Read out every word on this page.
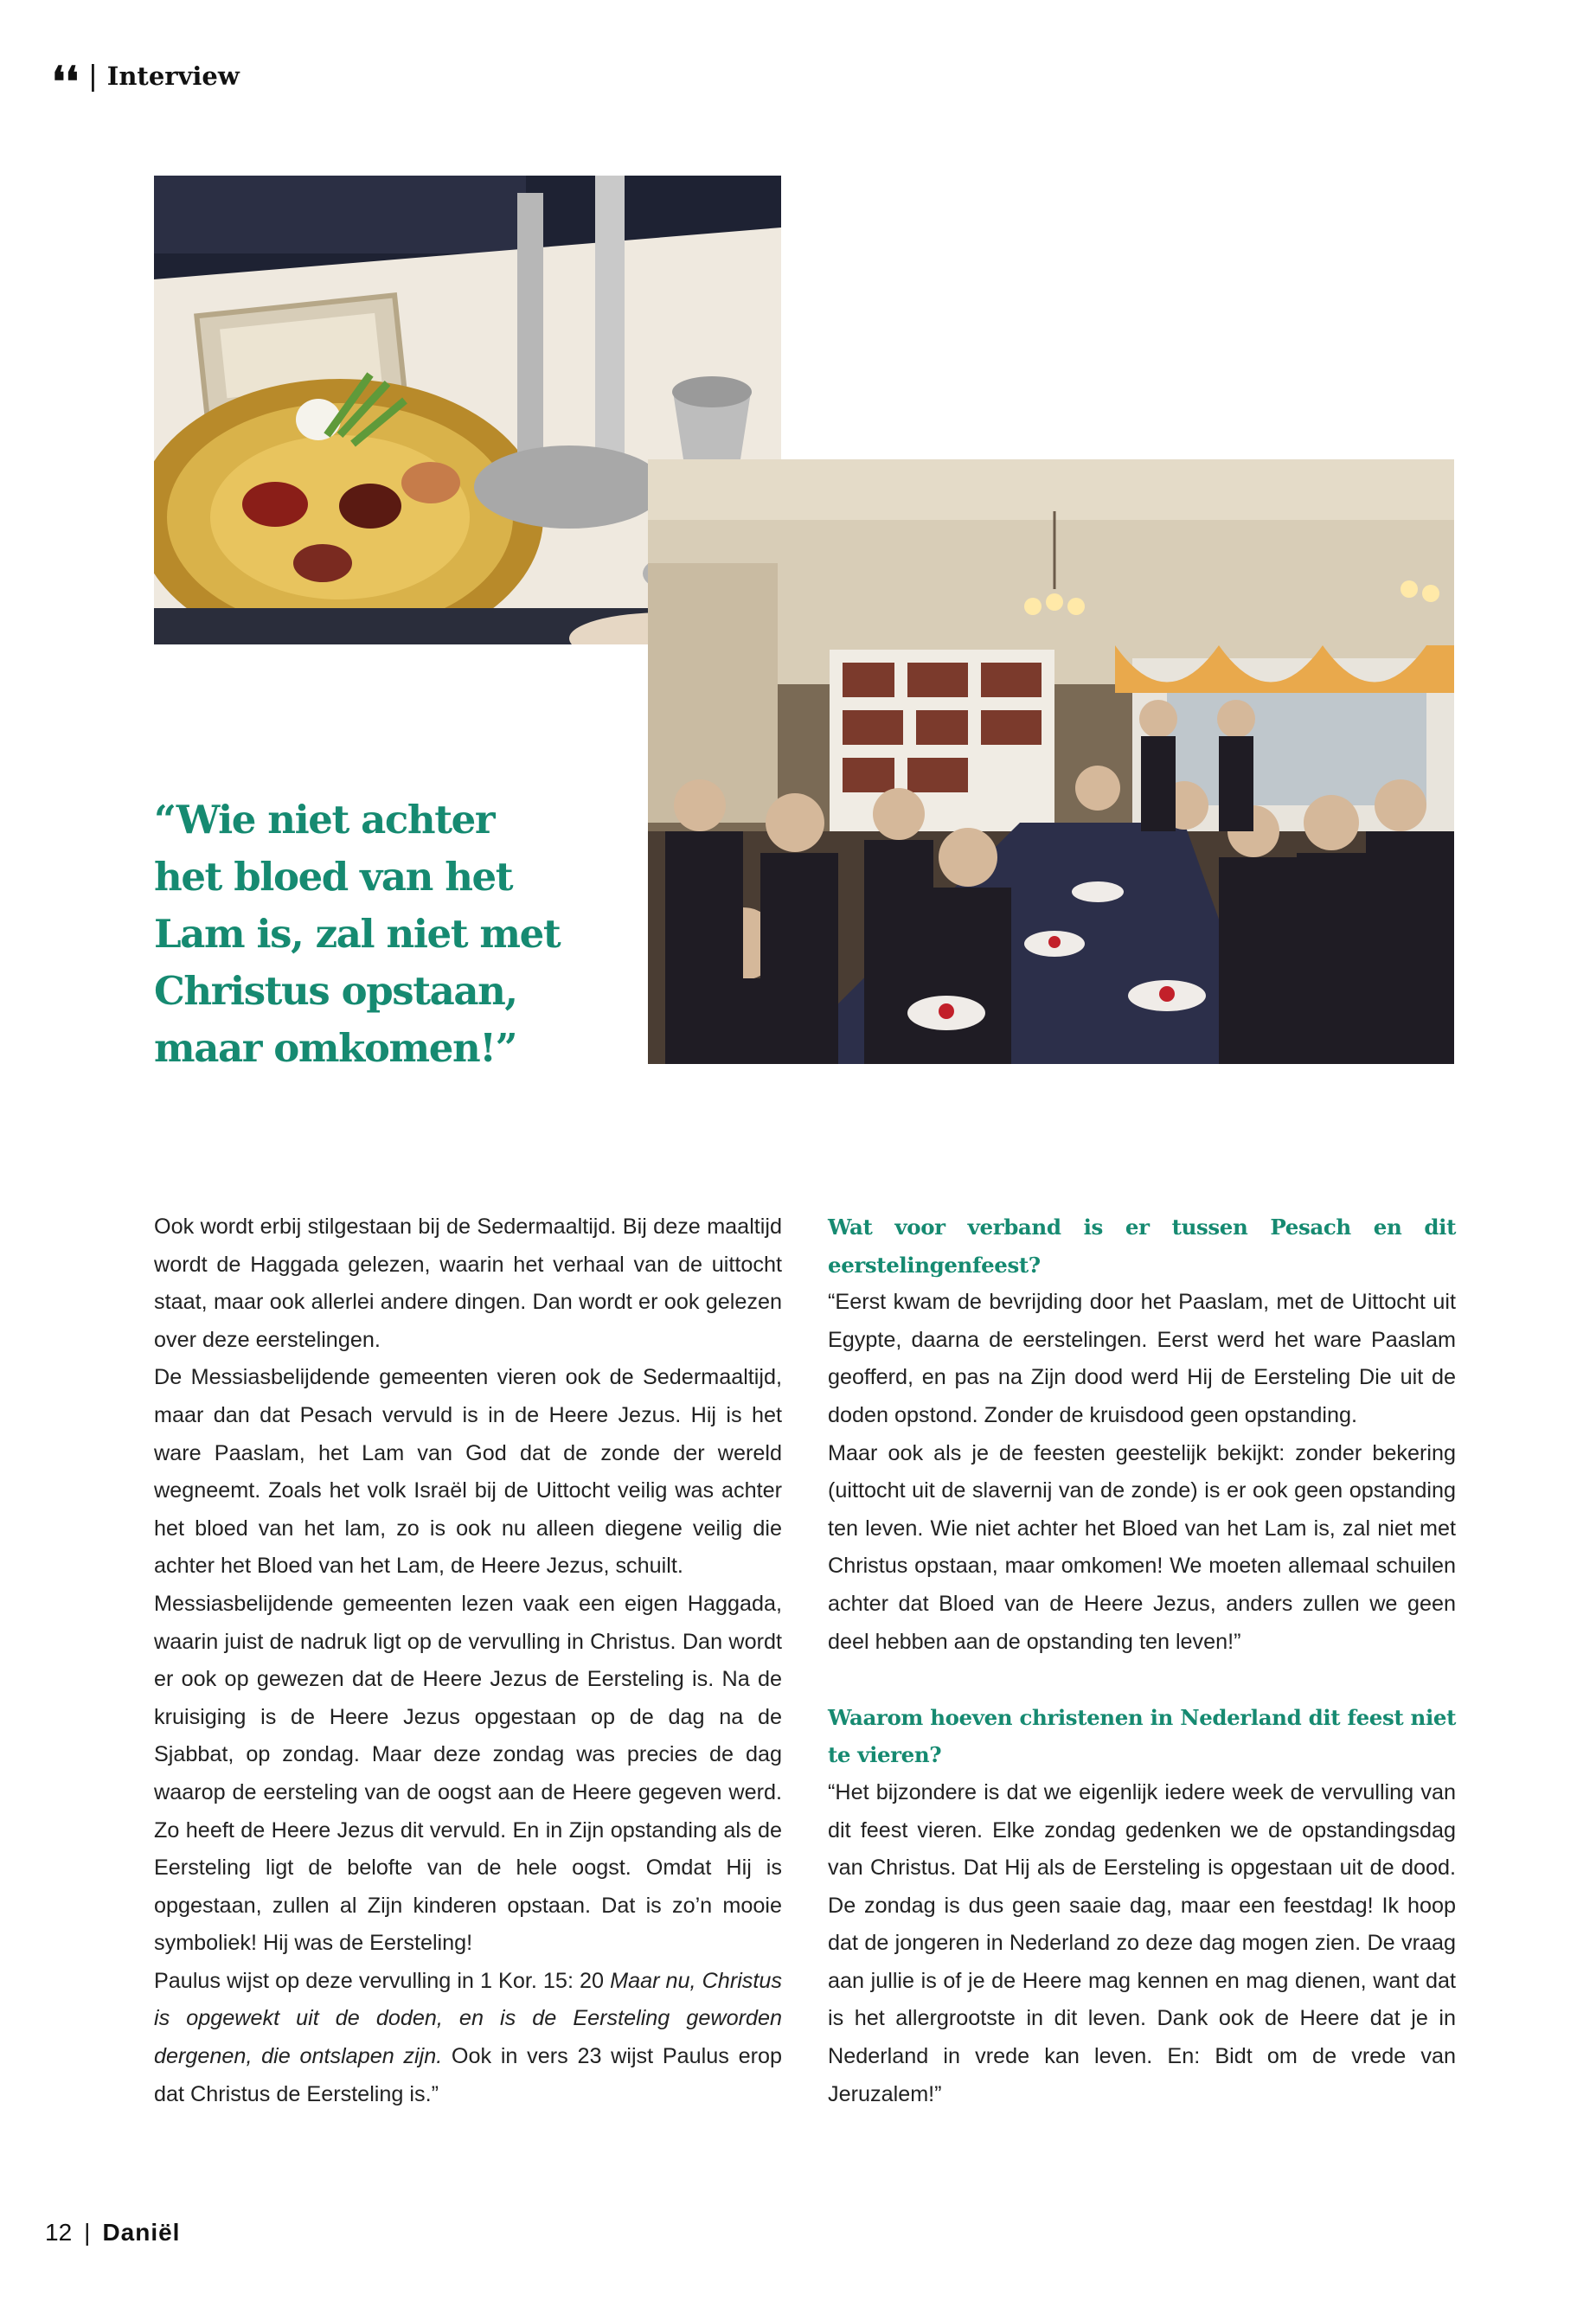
❛❛ | Interview
“Wie niet achter
het bloed van het
Lam is, zal niet met
Christus opstaan,
maar omkomen!”

Ook wordt erbij stilgestaan bij de Sedermaaltijd. Bij deze maaltijd wordt de Haggada gelezen, waarin het verhaal van de uittocht staat, maar ook allerlei andere dingen. Dan wordt er ook gelezen over deze eerstelingen.

De Messiasbelijdende gemeenten vieren ook de Sedermaaltijd, maar dan dat Pesach vervuld is in de Heere Jezus. Hij is het ware Paaslam, het Lam van God dat de zonde der wereld wegneemt. Zoals het volk Israël bij de Uittocht veilig was achter het bloed van het lam, zo is ook nu alleen diegene veilig die achter het Bloed van het Lam, de Heere Jezus, schuilt.

Messiasbelijdende gemeenten lezen vaak een eigen Haggada, waarin juist de nadruk ligt op de vervulling in Christus. Dan wordt er ook op gewezen dat de Heere Jezus de Eersteling is. Na de kruisiging is de Heere Jezus opgestaan op de dag na de Sjabbat, op zondag. Maar deze zondag was precies de dag waarop de eersteling van de oogst aan de Heere gegeven werd. Zo heeft de Heere Jezus dit vervuld. En in Zijn opstanding als de Eersteling ligt de belofte van de hele oogst. Omdat Hij is opgestaan, zullen al Zijn kinderen opstaan. Dat is zo’n mooie symboliek! Hij was de Eersteling!

Paulus wijst op deze vervulling in 1 Kor. 15: 20 Maar nu, Christus is opgewekt uit de doden, en is de Eersteling geworden dergenen, die ontslapen zijn. Ook in vers 23 wijst Paulus erop dat Christus de Eersteling is.”

Wat voor verband is er tussen Pesach en dit eerstelingenfeest?

“Eerst kwam de bevrijding door het Paaslam, met de Uittocht uit Egypte, daarna de eerstelingen. Eerst werd het ware Paaslam geofferd, en pas na Zijn dood werd Hij de Eersteling Die uit de doden opstond. Zonder de kruisdood geen opstanding.

Maar ook als je de feesten geestelijk bekijkt: zonder bekering (uittocht uit de slavernij van de zonde) is er ook geen opstanding ten leven. Wie niet achter het Bloed van het Lam is, zal niet met Christus opstaan, maar omkomen! We moeten allemaal schuilen achter dat Bloed van de Heere Jezus, anders zullen we geen deel hebben aan de opstanding ten leven!”

Waarom hoeven christenen in Nederland dit feest niet te vieren?

“Het bijzondere is dat we eigenlijk iedere week de vervulling van dit feest vieren. Elke zondag gedenken we de opstandingsdag van Christus. Dat Hij als de Eersteling is opgestaan uit de dood. De zondag is dus geen saaie dag, maar een feestdag! Ik hoop dat de jongeren in Nederland zo deze dag mogen zien. De vraag aan jullie is of je de Heere mag kennen en mag dienen, want dat is het allergrootste in dit leven. Dank ook de Heere dat je in Nederland in vrede kan leven. En: Bidt om de vrede van Jeruzalem!”

12 | Daniël
